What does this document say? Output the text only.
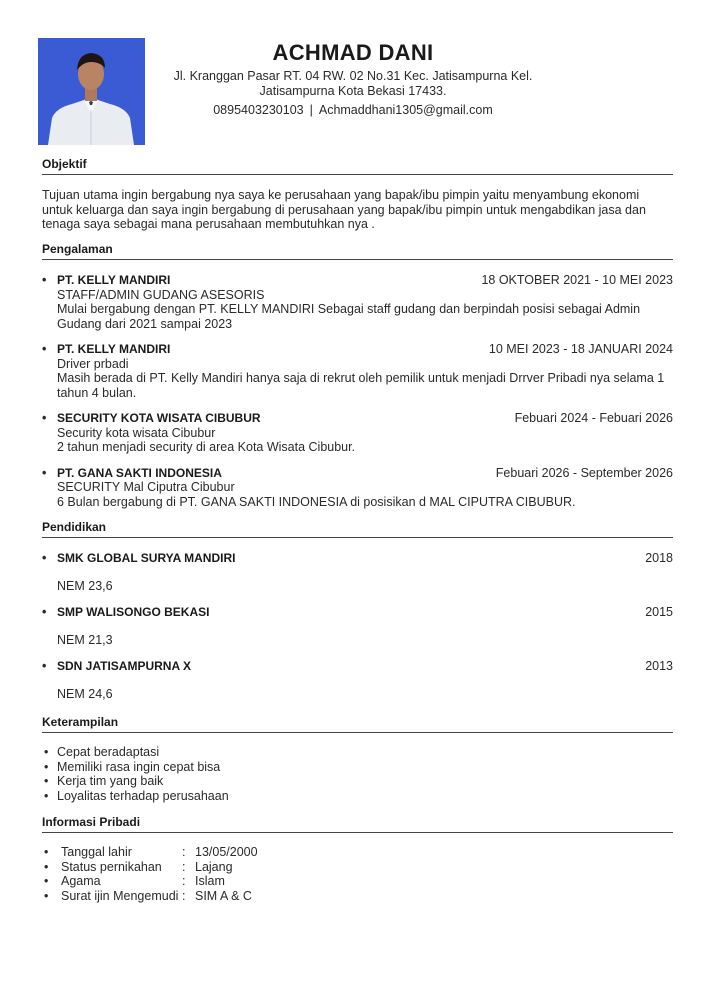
ACHMAD DANI
Jl. Kranggan Pasar RT. 04 RW. 02 No.31 Kec. Jatisampurna Kel.
Jatisampurna Kota Bekasi 17433.
0895403230103 | Achmaddhani1305@gmail.com
Objektif
Tujuan utama ingin bergabung nya saya ke perusahaan yang bapak/ibu pimpin yaitu menyambung ekonomi untuk keluarga dan saya ingin bergabung di perusahaan yang bapak/ibu pimpin untuk mengabdikan jasa dan tenaga saya sebagai mana perusahaan membutuhkan nya .
Pengalaman
• PT. KELLY MANDIRI	18 OKTOBER 2021 - 10 MEI 2023
STAFF/ADMIN GUDANG ASESORIS
Mulai bergabung dengan PT. KELLY MANDIRI Sebagai staff gudang dan berpindah posisi sebagai Admin Gudang dari 2021 sampai 2023
• PT. KELLY MANDIRI	10 MEI 2023 - 18 JANUARI 2024
Driver prbadi
Masih berada di PT. Kelly Mandiri hanya saja di rekrut oleh pemilik untuk menjadi Drrver Pribadi nya selama 1 tahun 4 bulan.
• SECURITY KOTA WISATA CIBUBUR	Febuari 2024 - Febuari 2026
Security kota wisata Cibubur
2 tahun menjadi security di area Kota Wisata Cibubur.
• PT. GANA SAKTI INDONESIA	Febuari 2026 - September 2026
SECURITY Mal Ciputra Cibubur
6 Bulan bergabung di PT. GANA SAKTI INDONESIA di posisikan d MAL CIPUTRA CIBUBUR.
Pendidikan
• SMK GLOBAL SURYA MANDIRI	2018
NEM 23,6
• SMP WALISONGO BEKASI	2015
NEM 21,3
• SDN JATISAMPURNA X	2013
NEM 24,6
Keterampilan
• Cepat beradaptasi
• Memiliki rasa ingin cepat bisa
• Kerja tim yang baik
• Loyalitas terhadap perusahaan
Informasi Pribadi
•	Tanggal lahir	: 13/05/2000
•	Status pernikahan	: Lajang
•	Agama	: Islam
•	Surat ijin Mengemudi : SIM A & C
